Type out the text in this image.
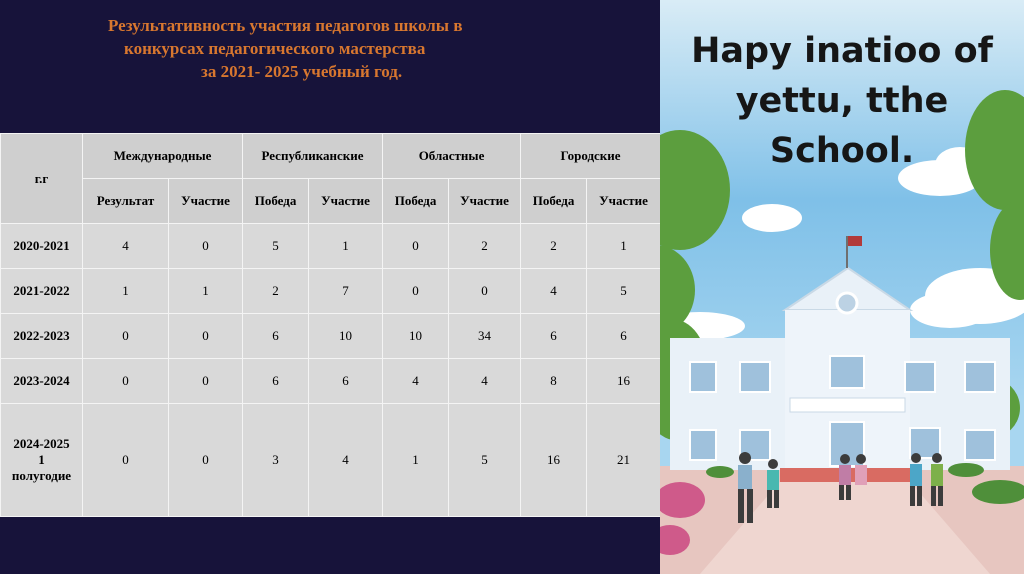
Результативность участия педагогов школы в
конкурсах педагогического мастерства
за 2021- 2025 учебный год.
г.г	Международные		Республиканские		Областные		Городские	
	Результат	Участие	Победа	Участие	Победа	Участие	Победа	Участие
2020-2021	4	0	5	1	0	2	2	1
2021-2022	1	1	2	7	0	0	4	5
2022-2023	0	0	6	10	10	34	6	6
2023-2024	0	0	6	6	4	4	8	16

2024-2025
1
полугодие	0	0	3	4	1	5	16	21
Hapy inatioo of
yettu, tthe School.
